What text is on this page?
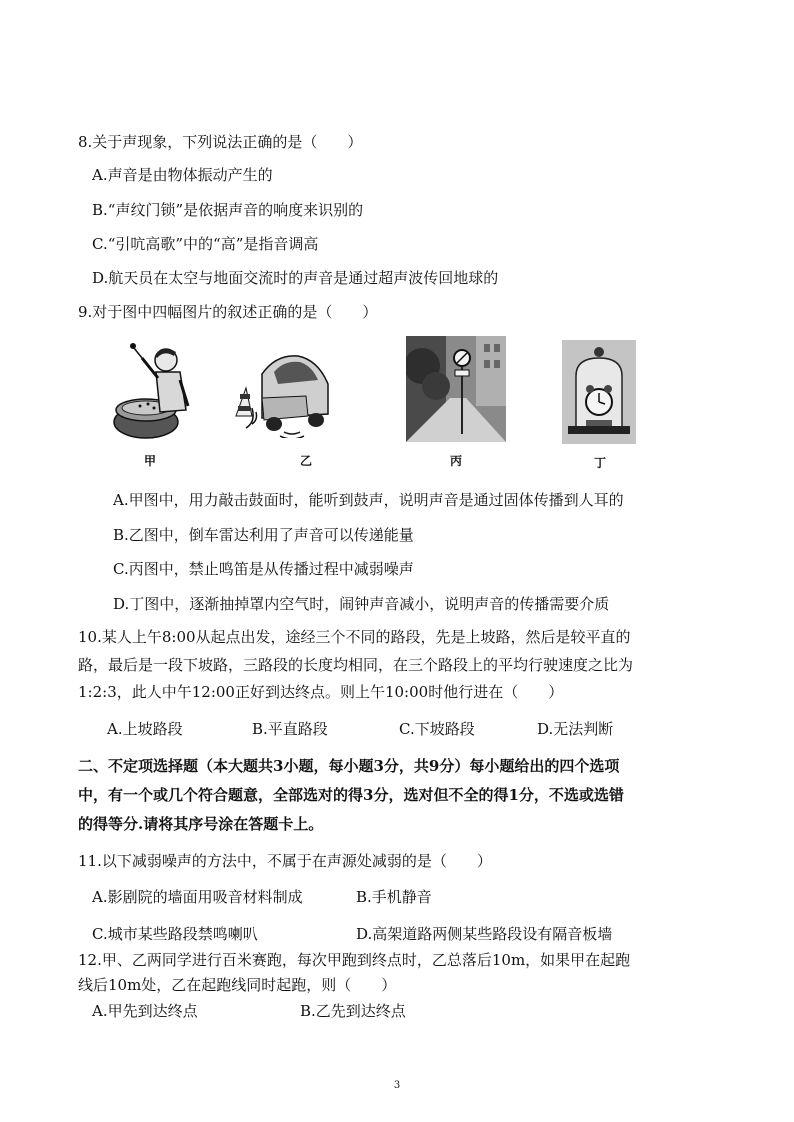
8.关于声现象，下列说法正确的是（　　）
A.声音是由物体振动产生的
B.“声纹门锁”是依据声音的响度来识别的
C.“引吭高歌”中的“高”是指音调高
D.航天员在太空与地面交流时的声音是通过超声波传回地球的
9.对于图中四幅图片的叙述正确的是（　　）
甲	乙	丙	丁
A.甲图中，用力敲击鼓面时，能听到鼓声，说明声音是通过固体传播到人耳的
B.乙图中，倒车雷达利用了声音可以传递能量
C.丙图中，禁止鸣笛是从传播过程中减弱噪声
D.丁图中，逐渐抽掉罩内空气时，闹钟声音减小，说明声音的传播需要介质
10.某人上午8:00从起点出发，途经三个不同的路段，先是上坡路，然后是较平直的
路，最后是一段下坡路，三路段的长度均相同，在三个路段上的平均行驶速度之比为
1:2:3，此人中午12:00正好到达终点。则上午10:00时他行进在（　　）
A.上坡路段	B.平直路段	C.下坡路段	D.无法判断
二、不定项选择题（本大题共3小题，每小题3分，共9分）每小题给出的四个选项
中，有一个或几个符合题意，全部选对的得3分，选对但不全的得1分，不选或选错
的得等分.请将其序号涂在答题卡上。
11.以下减弱噪声的方法中，不属于在声源处减弱的是（　　）
A.影剧院的墙面用吸音材料制成	B.手机静音
C.城市某些路段禁鸣喇叭	D.高架道路两侧某些路段设有隔音板墙
12.甲、乙两同学进行百米赛跑，每次甲跑到终点时，乙总落后10m，如果甲在起跑
线后10m处，乙在起跑线同时起跑，则（　　）
A.甲先到达终点	B.乙先到达终点
3
